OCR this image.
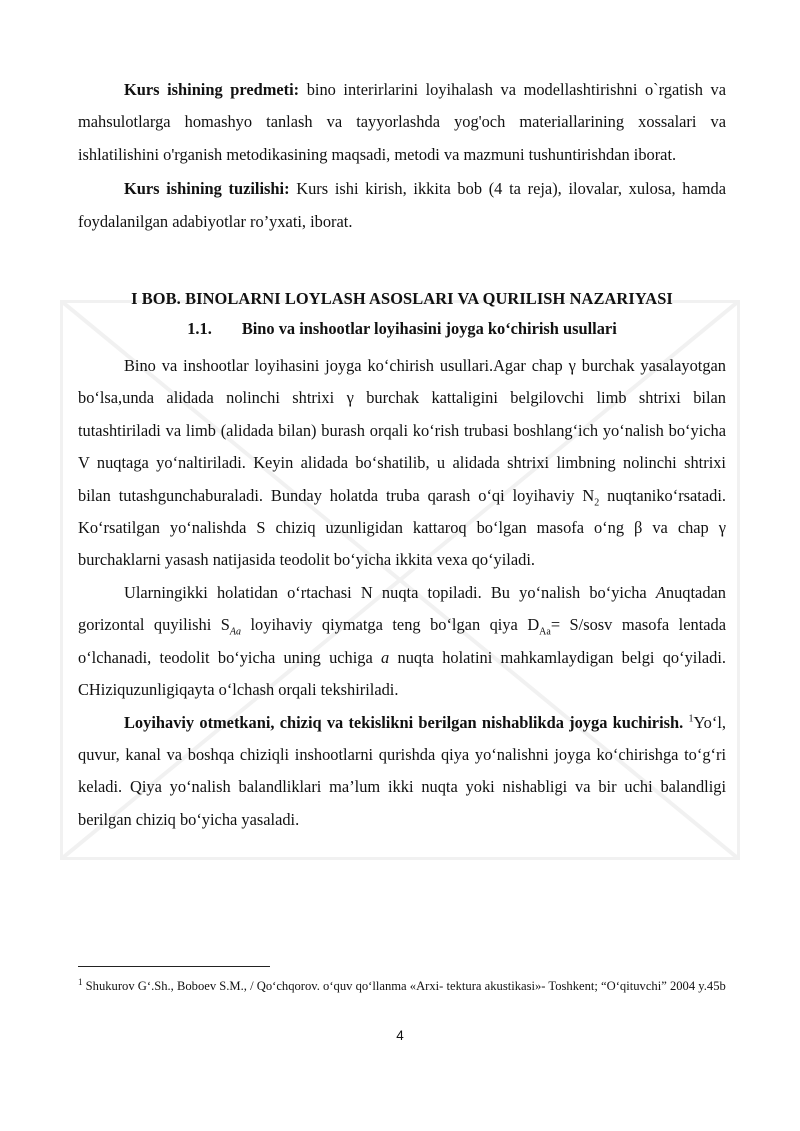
Kurs ishining predmeti: bino interirlarini loyihalash va modellashtirishni o`rgatish va mahsulotlarga homashyo tanlash va tayyorlashda yog'och materiallarining xossalari va ishlatilishini o'rganish metodikasining maqsadi, metodi va mazmuni tushuntirishdan iborat.

Kurs ishining tuzilishi: Kurs ishi kirish, ikkita bob (4 ta reja), ilovalar, xulosa, hamda foydalanilgan adabiyotlar ro’yxati, iborat.

I BOB. BINOLARNI LOYLASH ASOSLARI VA QURILISH NAZARIYASI

1.1. Bino va inshootlar loyihasini joyga ko‘chirish usullari

Bino va inshootlar loyihasini joyga ko‘chirish usullari.Agar chap γ burchak yasalayotgan bo‘lsa,unda alidada nolinchi shtrixi γ burchak kattaligini belgilovchi limb shtrixi bilan tutashtiriladi va limb (alidada bilan) burash orqali ko‘rish trubasi boshlang‘ich yo‘nalish bo‘yicha V nuqtaga yo‘naltiriladi. Keyin alidada bo‘shatilib, u alidada shtrixi limbning nolinchi shtrixi bilan tutashgunchaburaladi. Bunday holatda truba qarash o‘qi loyihaviy $N_2$ nuqtaniko‘rsatadi. Ko‘rsatilgan yo‘nalishda S chiziq uzunligidan kattaroq bo‘lgan masofa o‘ng β va chap γ burchaklarni yasash natijasida teodolit bo‘yicha ikkita vexa qo‘yiladi.

Ularningikki holatidan o‘rtachasi N nuqta topiladi. Bu yo‘nalish bo‘yicha Anuqtadan gorizontal quyilishi $S_{Aa}$ loyihaviy qiymatga teng bo‘lgan qiya $D_{Aa}=$ S/sosv masofa lentada o‘lchanadi, teodolit bo‘yicha uning uchiga a nuqta holatini mahkamlaydigan belgi qo‘yiladi. CHiziquzunligiqayta o‘lchash orqali tekshiriladi.

Loyihaviy otmetkani, chiziq va tekislikni berilgan nishablikda joyga kuchirish. $^1$Yo‘l, quvur, kanal va boshqa chiziqli inshootlarni qurishda qiya yo‘nalishni joyga ko‘chirishga to‘g‘ri keladi. Qiya yo‘nalish balandliklari ma’lum ikki nuqta yoki nishabligi va bir uchi balandligi berilgan chiziq bo‘yicha yasaladi.

$^1$ Shukurov G‘.Sh., Boboev S.M., / Qo‘chqorov. o‘quv qo‘llanma «Arxi- tektura akustikasi»- Toshkent; “O‘qituvchi” 2004 y.45b
4
